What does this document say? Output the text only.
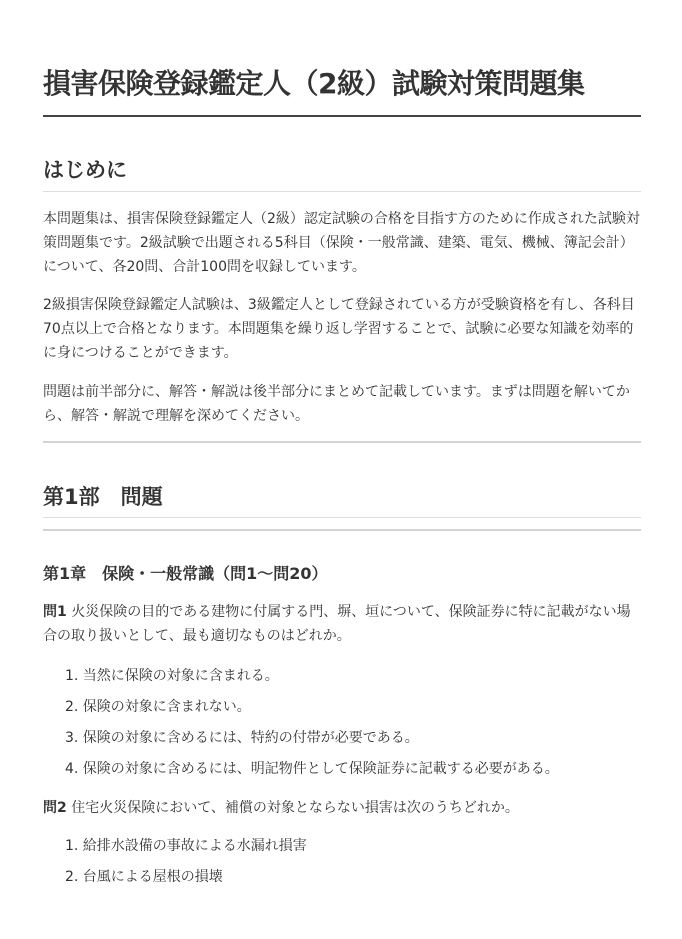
損害保険登録鑑定人（2級）試験対策問題集
はじめに

本問題集は、損害保険登録鑑定人（2級）認定試験の合格を目指す方のために作成された試験対策問題集です。2級試験で出題される5科目（保険・一般常識、建築、電気、機械、簿記会計）について、各20問、合計100問を収録しています。

2級損害保険登録鑑定人試験は、3級鑑定人として登録されている方が受験資格を有し、各科目70点以上で合格となります。本問題集を繰り返し学習することで、試験に必要な知識を効率的に身につけることができます。

問題は前半部分に、解答・解説は後半部分にまとめて記載しています。まずは問題を解いてから、解答・解説で理解を深めてください。

第1部　問題
第1章　保険・一般常識（問1〜問20）

問1 火災保険の目的である建物に付属する門、塀、垣について、保険証券に特に記載がない場合の取り扱いとして、最も適切なものはどれか。

1. 当然に保険の対象に含まれる。
2. 保険の対象に含まれない。
3. 保険の対象に含めるには、特約の付帯が必要である。
4. 保険の対象に含めるには、明記物件として保険証券に記載する必要がある。

問2 住宅火災保険において、補償の対象とならない損害は次のうちどれか。

1. 給排水設備の事故による水漏れ損害
2. 台風による屋根の損壊
